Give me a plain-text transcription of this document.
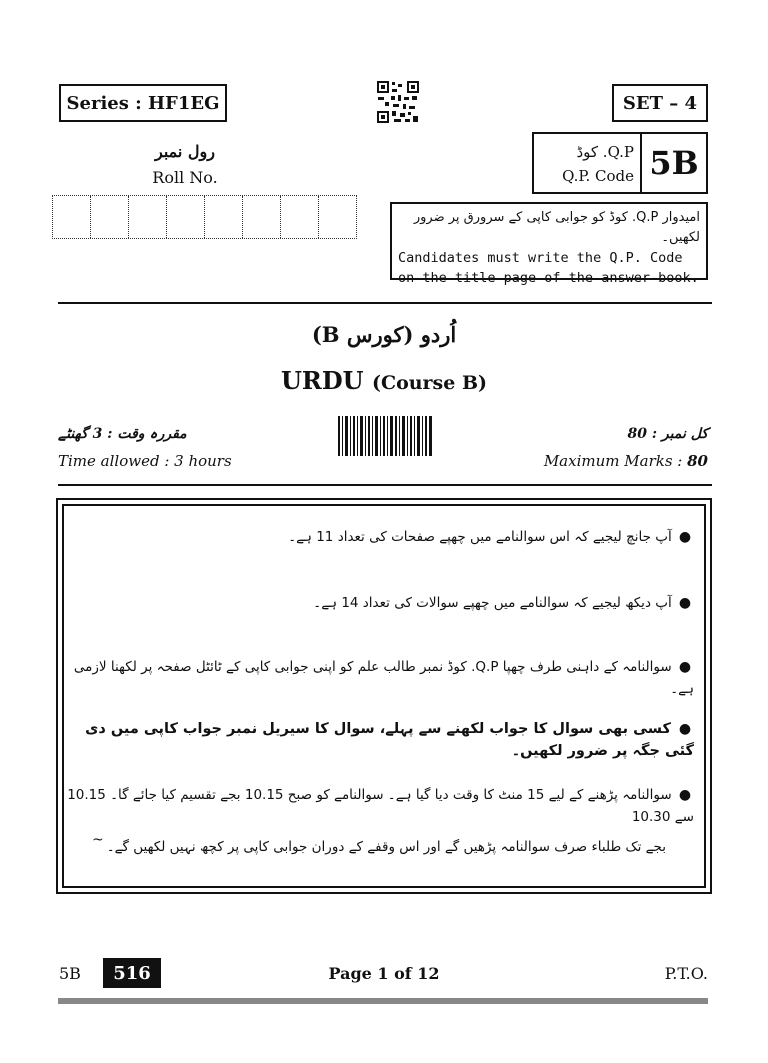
Series : HF1EG	SET – 4
رول نمبر
Roll No.
Q.P. کوڈ
Q.P. Code 5B
امیدوار Q.P. کوڈ کو جوابی کاپی کے سرورق پر ضرور لکھیں۔
Candidates must write the Q.P. Code
on the title page of the answer-book.
اُردو (کورس B)
URDU (Course B)
مقررہ وقت : 3 گھنٹے
Time allowed : 3 hours
کل نمبر : 80
Maximum Marks : 80
● آپ جانچ لیجیے کہ اس سوالنامے میں چھپے صفحات کی تعداد 11 ہے۔
● آپ دیکھ لیجیے کہ سوالنامے میں چھپے سوالات کی تعداد 14 ہے۔
● سوالنامہ کے داہنی طرف چھپا Q.P. کوڈ نمبر طالب علم کو اپنی جوابی کاپی کے ٹائٹل صفحہ پر لکھنا لازمی ہے۔
● کسی بھی سوال کا جواب لکھنے سے پہلے، سوال کا سیریل نمبر جواب کاپی میں دی گئی جگہ پر ضرور لکھیں۔
● سوالنامہ پڑھنے کے لیے 15 منٹ کا وقت دیا گیا ہے۔ سوالنامے کو صبح 10.15 بجے تقسیم کیا جائے گا۔ 10.15 سے 10.30
بجے تک طلباء صرف سوالنامہ پڑھیں گے اور اس وقفے کے دوران جوابی کاپی پر کچھ نہیں لکھیں گے۔
~
5B	516	Page 1 of 12	P.T.O.
